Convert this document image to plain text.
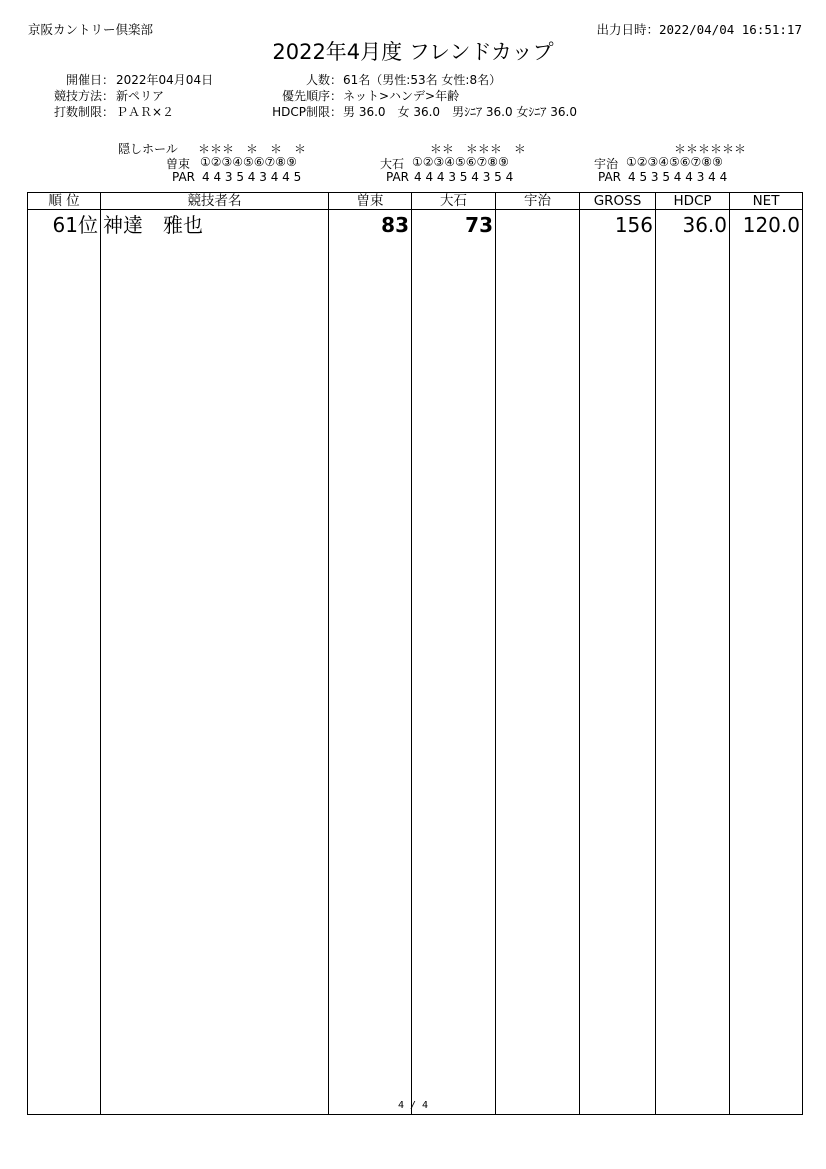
京阪カントリー倶楽部	出力日時：2022/04/04 16:51:17
2022年4月度 フレンドカップ
開催日： 2022年04月04日
競技方法： 新ペリア
打数制限： ＰＡＲ×２
人数： 61名（男性:53名 女性:8名）
優先順序： ネット>ハンデ>年齢
HDCP制限： 男 36.0　女 36.0　男ｼﾆｱ 36.0 女ｼﾆｱ 36.0
隠しホール ＊＊＊　＊　＊　＊
曽束 ①②③④⑤⑥⑦⑧⑨
PAR 4 4 3 5 4 3 4 4 5
　 ＊＊　＊＊＊　＊
大石 ①②③④⑤⑥⑦⑧⑨
PAR 4 4 4 3 5 4 3 5 4
　　　　＊＊＊＊＊＊
宇治 ①②③④⑤⑥⑦⑧⑨
PAR 4 5 3 5 4 4 3 4 4
順 位	競技者名	曽束	大石	宇治	GROSS	HDCP	NET
61位	神達　雅也	83	73		156	36.0	120.0

4 / 4
